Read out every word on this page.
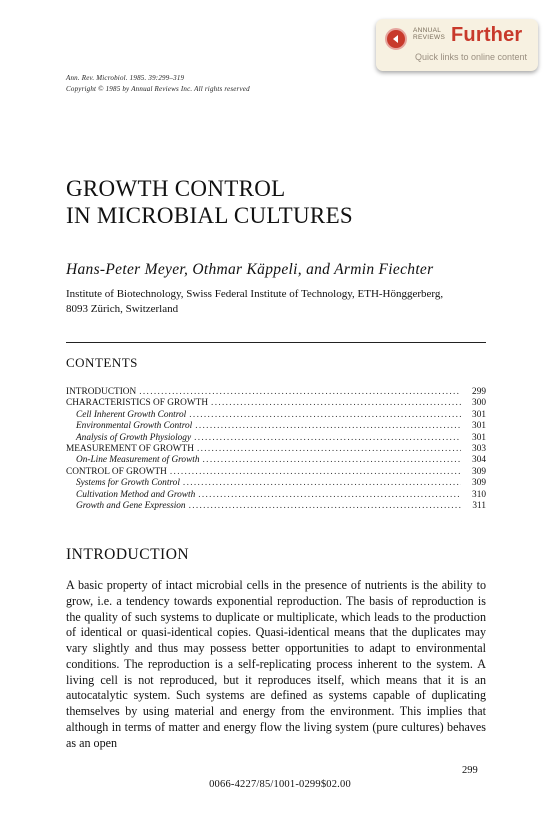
ANNUAL
REVIEWS Further
Quick links to online content
Ann. Rev. Microbiol. 1985. 39:299–319
Copyright © 1985 by Annual Reviews Inc. All rights reserved
GROWTH CONTROL
IN MICROBIAL CULTURES
Hans-Peter Meyer, Othmar Käppeli, and Armin Fiechter
Institute of Biotechnology, Swiss Federal Institute of Technology, ETH-Hönggerberg,
8093 Zürich, Switzerland
CONTENTS
INTRODUCTION . . .	299
CHARACTERISTICS OF GROWTH . . .	300
Cell Inherent Growth Control . . .	301
Environmental Growth Control . . .	301
Analysis of Growth Physiology . . .	301
MEASUREMENT OF GROWTH . . .	303
On-Line Measurement of Growth . . .	304
CONTROL OF GROWTH . . .	309
Systems for Growth Control . . .	309
Cultivation Method and Growth . . .	310
Growth and Gene Expression . . .	311
INTRODUCTION
A basic property of intact microbial cells in the presence of nutrients is the ability to grow, i.e. a tendency towards exponential reproduction. The basis of reproduction is the quality of such systems to duplicate or multiplicate, which leads to the production of identical or quasi-identical copies. Quasi-identical means that the duplicates may vary slightly and thus may possess better opportunities to adapt to environmental conditions. The reproduction is a self-replicating process inherent to the system. A living cell is not reproduced, but it reproduces itself, which means that it is an autocatalytic system. Such systems are defined as systems capable of duplicating themselves by using material and energy from the environment. This implies that although in terms of matter and energy flow the living system (pure cultures) behaves as an open
299
0066-4227/85/1001-0299$02.00
